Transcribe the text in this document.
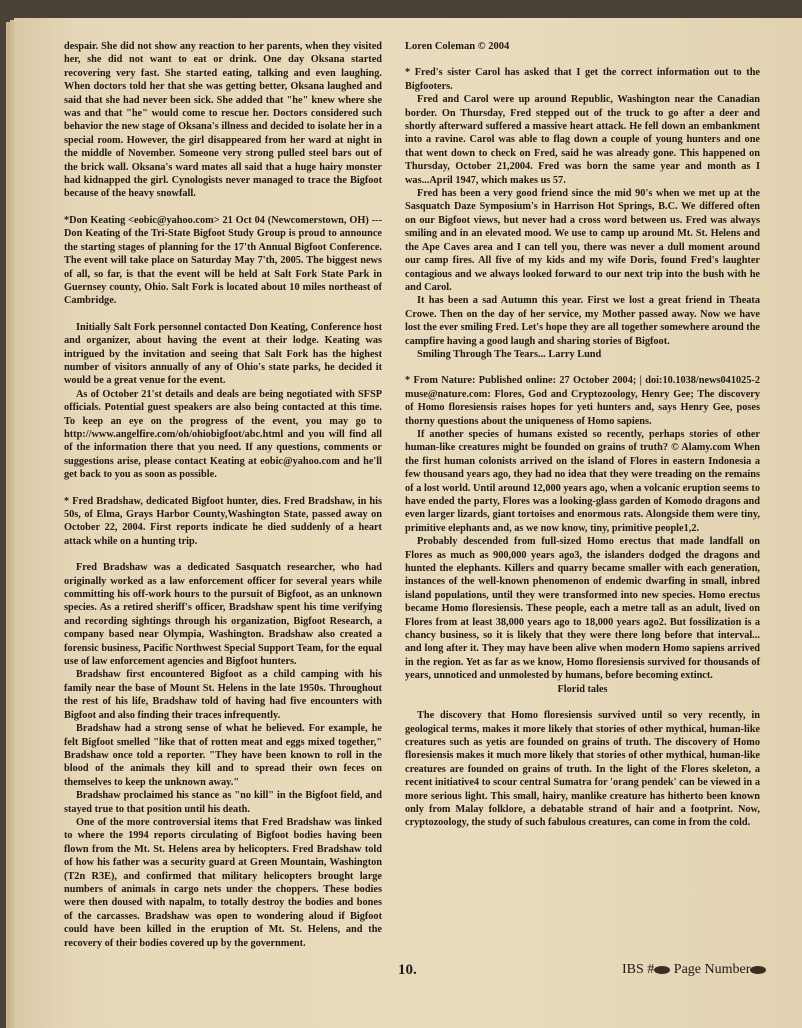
despair. She did not show any reaction to her parents, when they visited her, she did not want to eat or drink. One day Oksana started recovering very fast. She started eating, talking and even laughing. When doctors told her that she was getting better, Oksana laughed and said that she had never been sick. She added that "he" knew where she was and that "he" would come to rescue her. Doctors considered such behavior the new stage of Oksana's illness and decided to isolate her in a special room. However, the girl disappeared from her ward at night in the middle of November. Someone very strong pulled steel bars out of the brick wall. Oksana's ward mates all said that a huge hairy monster had kidnapped the girl. Cynologists never managed to trace the Bigfoot because of the heavy snowfall.

*Don Keating <eobic@yahoo.com> 21 Oct 04 (Newcomerstown, OH) --- Don Keating of the Tri-State Bigfoot Study Group is proud to announce the starting stages of planning for the 17'th Annual Bigfoot Conference. The event will take place on Saturday May 7'th, 2005. The biggest news of all, so far, is that the event will be held at Salt Fork State Park in Guernsey county, Ohio. Salt Fork is located about 10 miles northeast of Cambridge.

Initially Salt Fork personnel contacted Don Keating, Conference host and organizer, about having the event at their lodge. Keating was intrigued by the invitation and seeing that Salt Fork has the highest number of visitors annually of any of Ohio's state parks, he decided it would be a great venue for the event.

As of October 21'st details and deals are being negotiated with SFSP officials. Potential guest speakers are also being contacted at this time. To keep an eye on the progress of the event, you may go to http://www.angelfire.com/oh/ohiobigfoot/abc.html and you will find all of the information there that you need. If any questions, comments or suggestions arise, please contact Keating at eobic@yahoo.com and he'll get back to you as soon as possible.

* Fred Bradshaw, dedicated Bigfoot hunter, dies. Fred Bradshaw, in his 50s, of Elma, Grays Harbor County,Washington State, passed away on October 22, 2004. First reports indicate he died suddenly of a heart attack while on a hunting trip.

Fred Bradshaw was a dedicated Sasquatch researcher, who had originally worked as a law enforcement officer for several years while committing his off-work hours to the pursuit of Bigfoot, as an unknown species. As a retired sheriff's officer, Bradshaw spent his time verifying and recording sightings through his organization, Bigfoot Research, a company based near Olympia, Washington. Bradshaw also created a forensic business, Pacific Northwest Special Support Team, for the equal use of law enforcement agencies and Bigfoot hunters.

Bradshaw first encountered Bigfoot as a child camping with his family near the base of Mount St. Helens in the late 1950s. Throughout the rest of his life, Bradshaw told of having had five encounters with Bigfoot and also finding their traces infrequently.

Bradshaw had a strong sense of what he believed. For example, he felt Bigfoot smelled "like that of rotten meat and eggs mixed together," Bradshaw once told a reporter. "They have been known to roll in the blood of the animals they kill and to spread their own feces on themselves to keep the unknown away."

Bradshaw proclaimed his stance as "no kill" in the Bigfoot field, and stayed true to that position until his death.

One of the more controversial items that Fred Bradshaw was linked to where the 1994 reports circulating of Bigfoot bodies having been flown from the Mt. St. Helens area by helicopters. Fred Bradshaw told of how his father was a security guard at Green Mountain, Washington (T2n R3E), and confirmed that military helicopters brought large numbers of animals in cargo nets under the choppers. These bodies were then doused with napalm, to totally destroy the bodies and bones of the carcasses. Bradshaw was open to wondering aloud if Bigfoot could have been killed in the eruption of Mt. St. Helens, and the recovery of their bodies covered up by the government.

Loren Coleman © 2004

* Fred's sister Carol has asked that I get the correct information out to the Bigfooters.

Fred and Carol were up around Republic, Washington near the Canadian border. On Thursday, Fred stepped out of the truck to go after a deer and shortly afterward suffered a massive heart attack. He fell down an embankment into a ravine. Carol was able to flag down a couple of young hunters and one that went down to check on Fred, said he was already gone. This happened on Thursday, October 21,2004. Fred was born the same year and month as I was...April 1947, which makes us 57.

Fred has been a very good friend since the mid 90's when we met up at the Sasquatch Daze Symposium's in Harrison Hot Springs, B.C. We differed often on our Bigfoot views, but never had a cross word between us. Fred was always smiling and in an elevated mood. We use to camp up around Mt. St. Helens and the Ape Caves area and I can tell you, there was never a dull moment around our camp fires. All five of my kids and my wife Doris, found Fred's laughter contagious and we always looked forward to our next trip into the bush with he and Carol.

It has been a sad Autumn this year. First we lost a great friend in Theata Crowe. Then on the day of her service, my Mother passed away. Now we have lost the ever smiling Fred. Let's hope they are all together somewhere around the campfire having a good laugh and sharing stories of Bigfoot.

Smiling Through The Tears... Larry Lund

* From Nature: Published online: 27 October 2004; | doi:10.1038/news041025-2 muse@nature.com: Flores, God and Cryptozoology, Henry Gee; The discovery of Homo floresiensis raises hopes for yeti hunters and, says Henry Gee, poses thorny questions about the uniqueness of Homo sapiens.

If another species of humans existed so recently, perhaps stories of other human-like creatures might be founded on grains of truth? © Alamy.com When the first human colonists arrived on the island of Flores in eastern Indonesia a few thousand years ago, they had no idea that they were treading on the remains of a lost world. Until around 12,000 years ago, when a volcanic eruption seems to have ended the party, Flores was a looking-glass garden of Komodo dragons and even larger lizards, giant tortoises and enormous rats. Alongside them were tiny, primitive elephants and, as we now know, tiny, primitive people1,2.

Probably descended from full-sized Homo erectus that made landfall on Flores as much as 900,000 years ago3, the islanders dodged the dragons and hunted the elephants. Killers and quarry became smaller with each generation, instances of the well-known phenomenon of endemic dwarfing in small, inbred island populations, until they were transformed into new species. Homo erectus became Homo floresiensis. These people, each a metre tall as an adult, lived on Flores from at least 38,000 years ago to 18,000 years ago2. But fossilization is a chancy business, so it is likely that they were there long before that interval... and long after it. They may have been alive when modern Homo sapiens arrived in the region. Yet as far as we know, Homo floresiensis survived for thousands of years, unnoticed and unmolested by humans, before becoming extinct.

Florid tales

The discovery that Homo floresiensis survived until so very recently, in geological terms, makes it more likely that stories of other mythical, human-like creatures such as yetis are founded on grains of truth. The discovery of Homo floresiensis makes it much more likely that stories of other mythical, human-like creatures are founded on grains of truth. In the light of the Flores skeleton, a recent initiative4 to scour central Sumatra for 'orang pendek' can be viewed in a more serious light. This small, hairy, manlike creature has hitherto been known only from Malay folklore, a debatable strand of hair and a footprint. Now, cryptozoology, the study of such fabulous creatures, can come in from the cold.

10.	IBS # Page Number
